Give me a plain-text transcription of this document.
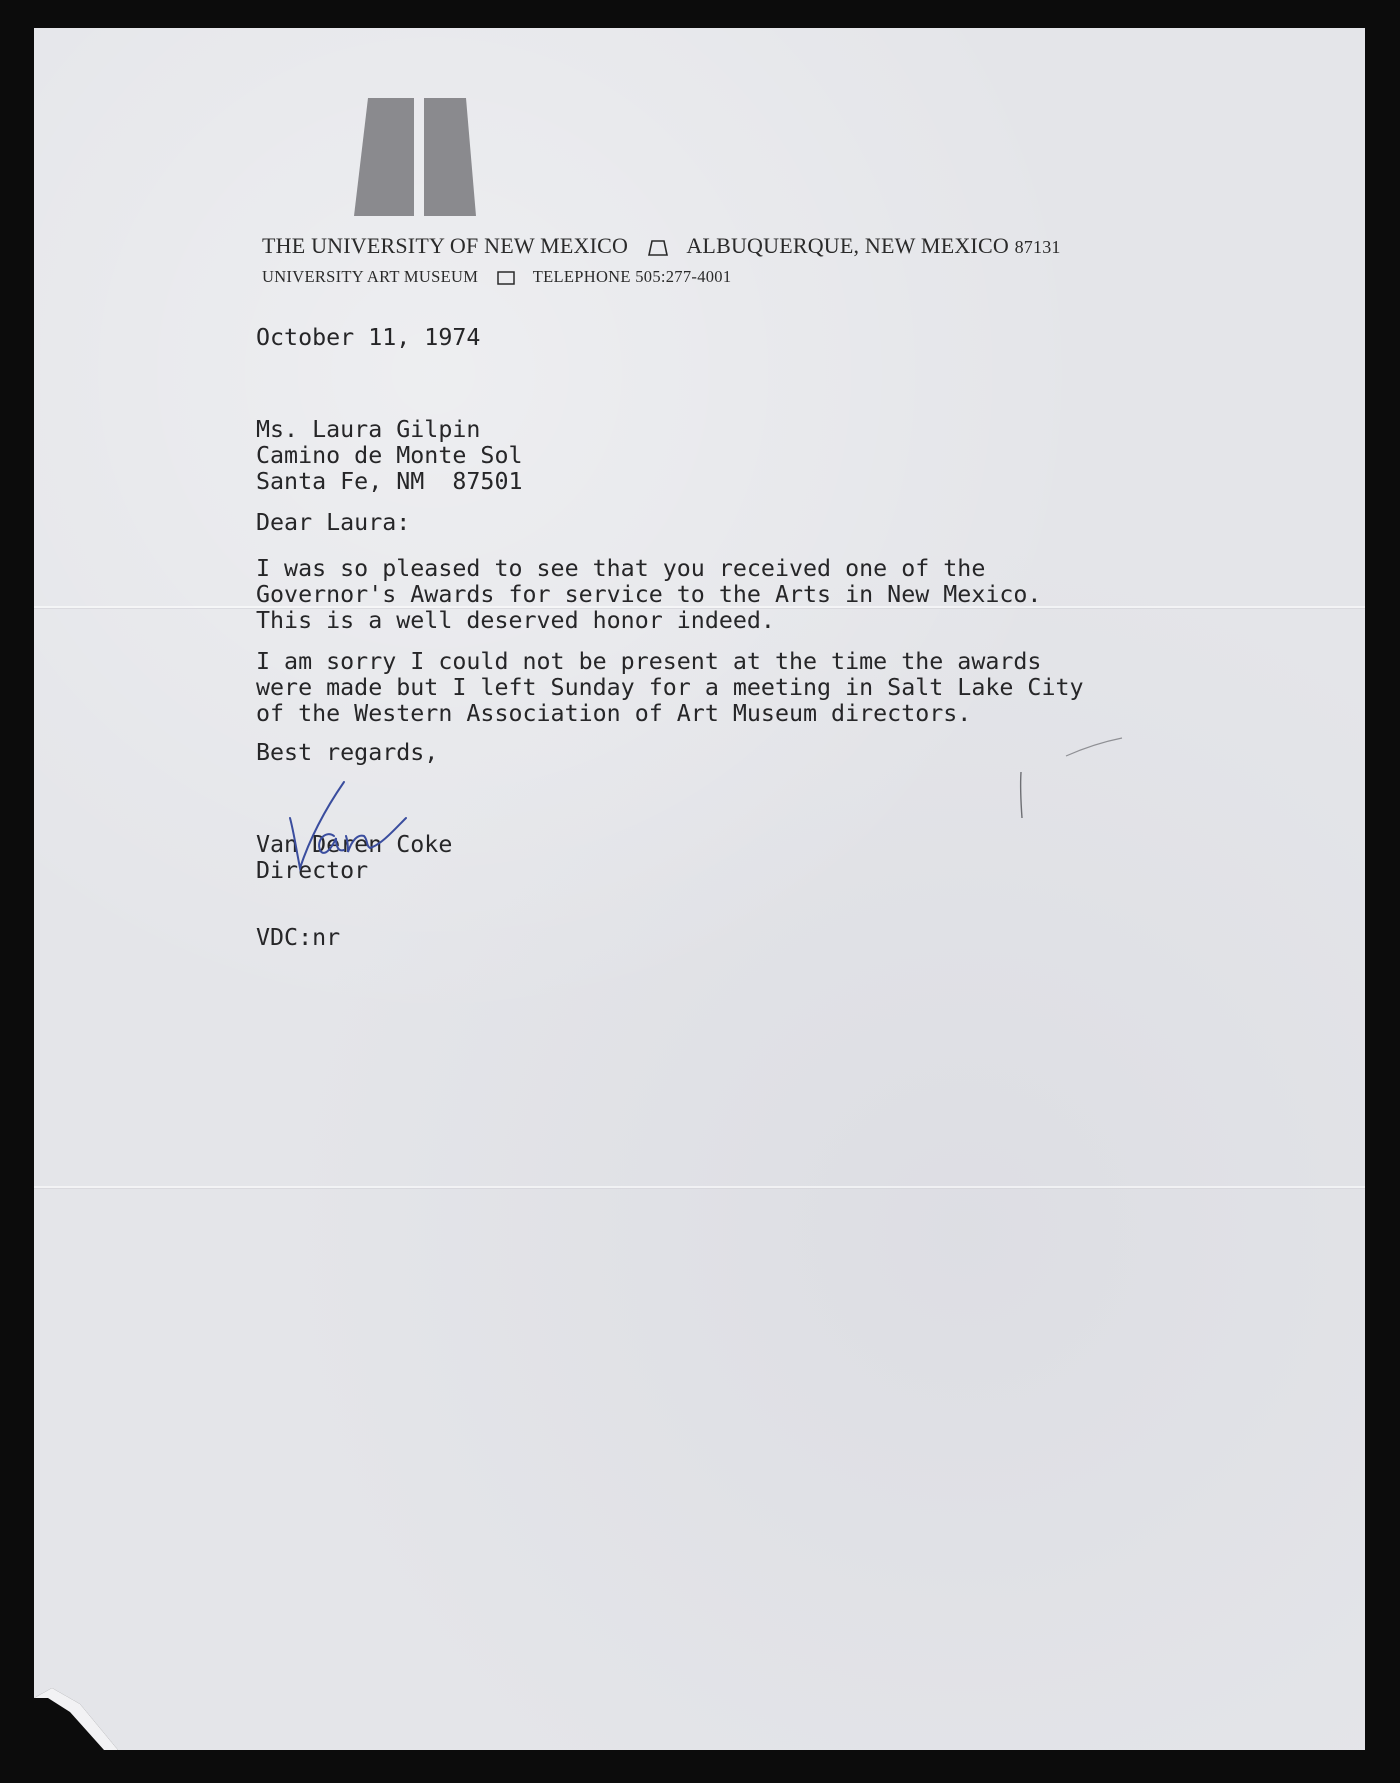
THE UNIVERSITY OF NEW MEXICO	ALBUQUERQUE, NEW MEXICO 87131
UNIVERSITY ART MUSEUM	TELEPHONE 505:277-4001

October 11, 1974

Ms. Laura Gilpin
Camino de Monte Sol
Santa Fe, NM  87501

Dear Laura:

I was so pleased to see that you received one of the
Governor's Awards for service to the Arts in New Mexico.
This is a well deserved honor indeed.
I am sorry I could not be present at the time the awards
were made but I left Sunday for a meeting in Salt Lake City
of the Western Association of Art Museum directors.

Best regards,

Van Deren Coke
Director

VDC:nr
